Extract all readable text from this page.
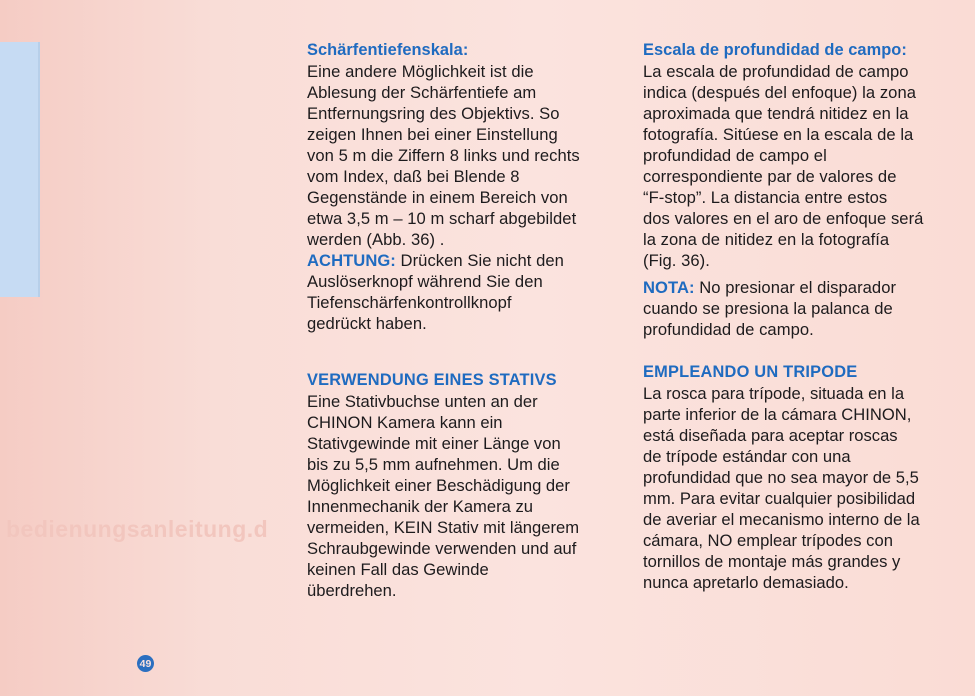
bedienungsanleitung.d
Schärfentiefenskala:
Eine andere Möglichkeit ist die
Ablesung der Schärfentiefe am
Entfernungsring des Objektivs. So
zeigen Ihnen bei einer Einstellung
von 5 m die Ziffern 8 links und rechts
vom Index, daß bei Blende 8
Gegenstände in einem Bereich von
etwa 3,5 m – 10 m scharf abgebildet
werden (Abb. 36) .
ACHTUNG: Drücken Sie nicht den
Auslöserknopf während Sie den
Tiefenschärfenkontrollknopf
gedrückt haben.
VERWENDUNG EINES STATIVS
Eine Stativbuchse unten an der
CHINON Kamera kann ein
Stativgewinde mit einer Länge von
bis zu 5,5 mm aufnehmen. Um die
Möglichkeit einer Beschädigung der
Innenmechanik der Kamera zu
vermeiden, KEIN Stativ mit längerem
Schraubgewinde verwenden und auf
keinen Fall das Gewinde
überdrehen.
Escala de profundidad de campo:
La escala de profundidad de campo
indica (después del enfoque) la zona
aproximada que tendrá nitidez en la
fotografía. Sitúese en la escala de la
profundidad de campo el
correspondiente par de valores de
“F-stop”. La distancia entre estos
dos valores en el aro de enfoque será
la zona de nitidez en la fotografía
(Fig. 36).
NOTA: No presionar el disparador
cuando se presiona la palanca de
profundidad de campo.
EMPLEANDO UN TRIPODE
La rosca para trípode, situada en la
parte inferior de la cámara CHINON,
está diseñada para aceptar roscas
de trípode estándar con una
profundidad que no sea mayor de 5,5
mm. Para evitar cualquier posibilidad
de averiar el mecanismo interno de la
cámara, NO emplear trípodes con
tornillos de montaje más grandes y
nunca apretarlo demasiado.
49
